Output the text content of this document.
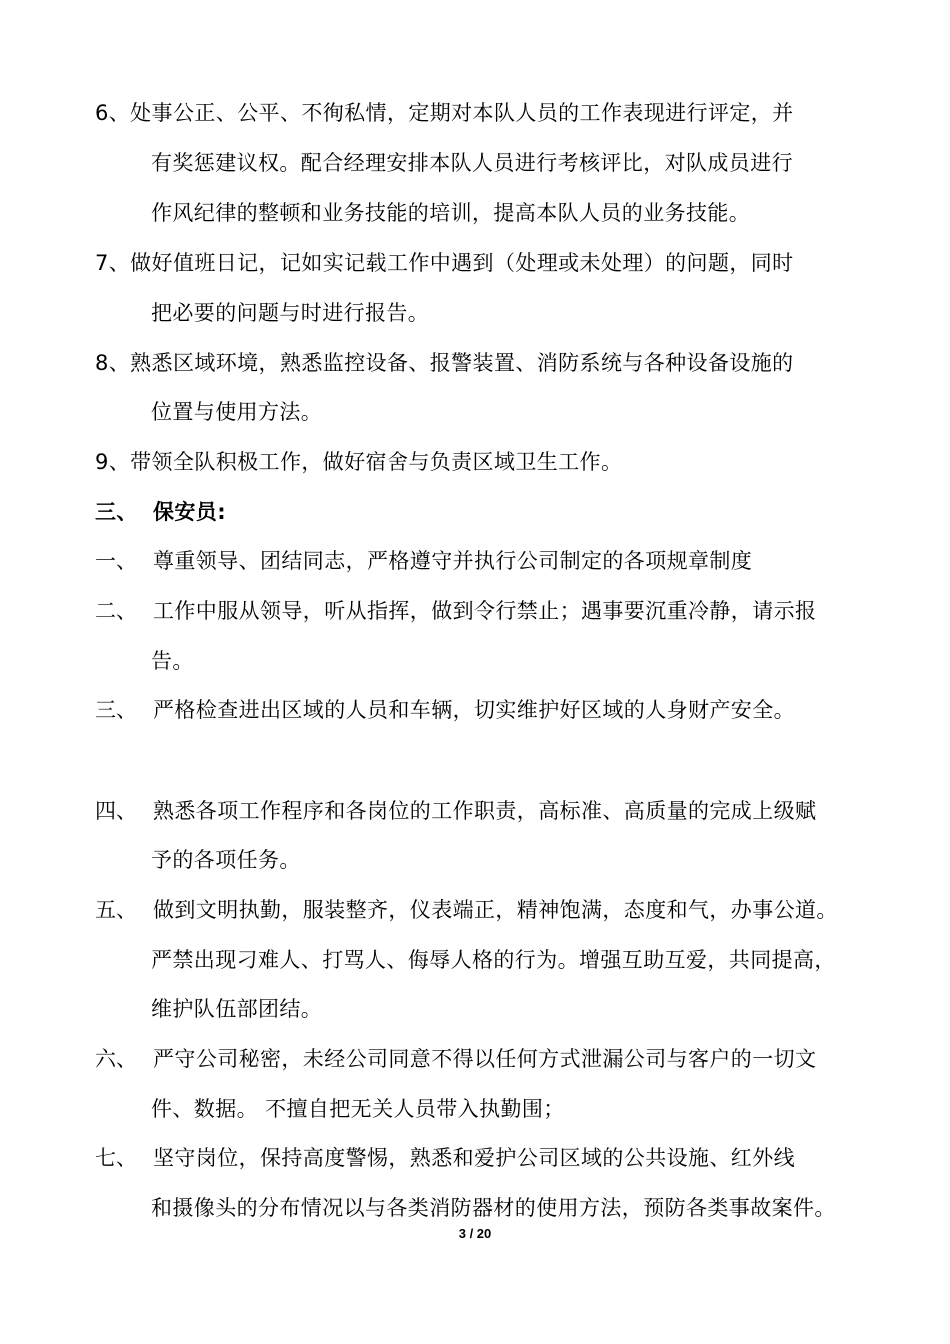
6、处事公正、公平、不徇私情，定期对本队人员的工作表现进行评定，并
有奖惩建议权。配合经理安排本队人员进行考核评比，对队成员进行
作风纪律的整顿和业务技能的培训，提高本队人员的业务技能。
7、做好值班日记，记如实记载工作中遇到（处理或未处理）的问题，同时
把必要的问题与时进行报告。
8、熟悉区域环境，熟悉监控设备、报警装置、消防系统与各种设备设施的
位置与使用方法。
9、带领全队积极工作，做好宿舍与负责区域卫生工作。
三、 保安员:
一、 尊重领导、团结同志，严格遵守并执行公司制定的各项规章制度
二、 工作中服从领导，听从指挥，做到令行禁止；遇事要沉重冷静，请示报
告。
三、 严格检查进出区域的人员和车辆，切实维护好区域的人身财产安全。
四、 熟悉各项工作程序和各岗位的工作职责，高标准、高质量的完成上级赋
予的各项任务。
五、 做到文明执勤，服装整齐，仪表端正，精神饱满，态度和气，办事公道。
严禁出现刁难人、打骂人、侮辱人格的行为。增强互助互爱，共同提高，
维护队伍部团结。
六、 严守公司秘密，未经公司同意不得以任何方式泄漏公司与客户的一切文
件、数据。 不擅自把无关人员带入执勤围；
七、 坚守岗位，保持高度警惕，熟悉和爱护公司区域的公共设施、红外线
和摄像头的分布情况以与各类消防器材的使用方法，预防各类事故案件。
3 / 20
